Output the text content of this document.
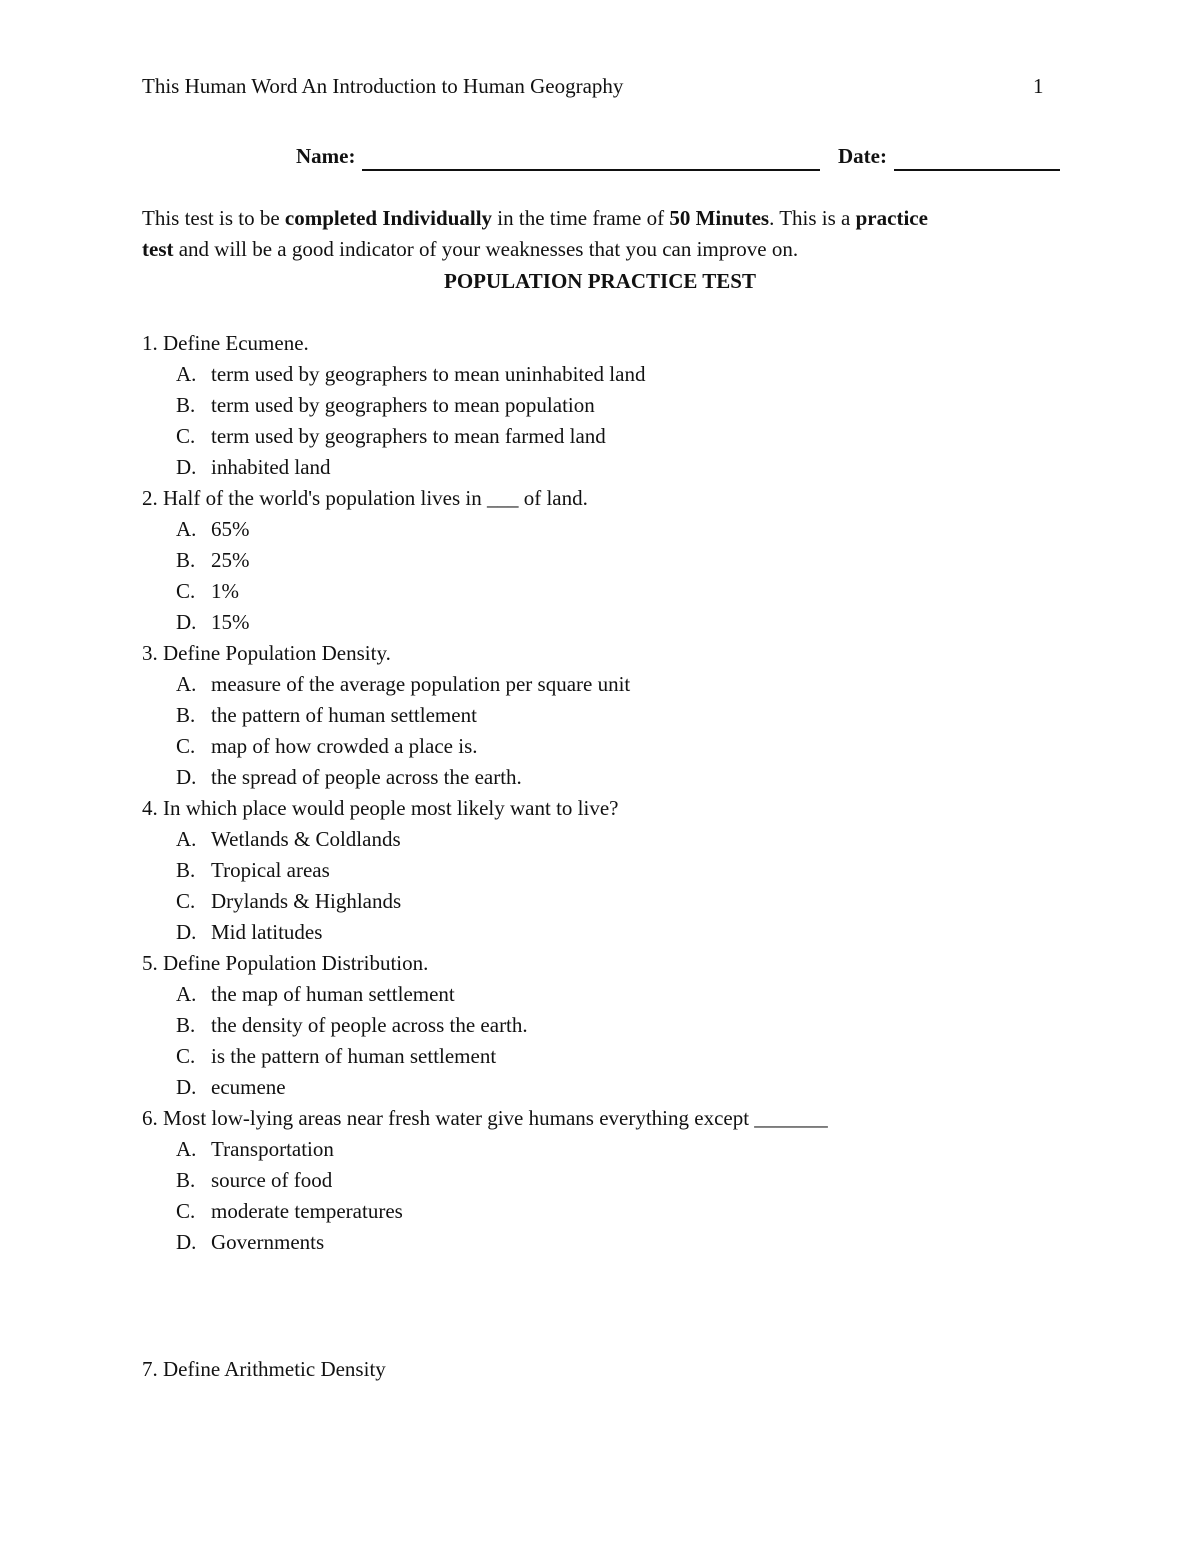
This Human Word An Introduction to Human Geography	1
Name:	Date:
This test is to be completed Individually in the time frame of 50 Minutes. This is a practice
test and will be a good indicator of your weaknesses that you can improve on.
POPULATION PRACTICE TEST
1. Define Ecumene.
A. term used by geographers to mean uninhabited land
B. term used by geographers to mean population
C. term used by geographers to mean farmed land
D. inhabited land
2. Half of the world's population lives in ___ of land.
A. 65%
B. 25%
C. 1%
D. 15%
3. Define Population Density.
A. measure of the average population per square unit
B. the pattern of human settlement
C. map of how crowded a place is.
D. the spread of people across the earth.
4. In which place would people most likely want to live?
A. Wetlands & Coldlands
B. Tropical areas
C. Drylands & Highlands
D. Mid latitudes
5. Define Population Distribution.
A. the map of human settlement
B. the density of people across the earth.
C. is the pattern of human settlement
D. ecumene
6. Most low-lying areas near fresh water give humans everything except _______
A. Transportation
B. source of food
C. moderate temperatures
D. Governments
7. Define Arithmetic Density
